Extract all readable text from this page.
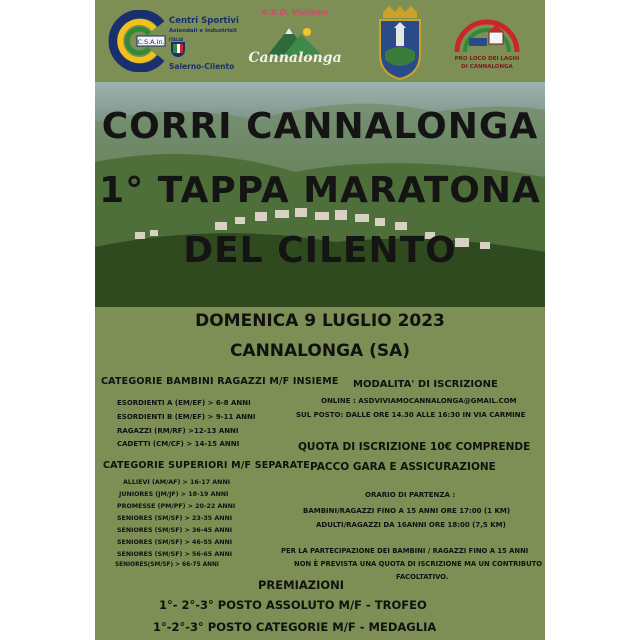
C.S.A.In.
Centri Sportivi
Aziendali e Industriali
ITALIA
Salerno-Cilento
A.S.D. ViviAmo
Cannalonga	PRO LOCO DEI LAGHI
DI CANNALONGA
CORRI CANNALONGA
1° TAPPA MARATONA
DEL CILENTO
DOMENICA 9 LUGLIO 2023
CANNALONGA (SA)
CATEGORIE BAMBINI RAGAZZI M/F INSIEME
ESORDIENTI A (EM/EF) > 6-8 ANNI
ESORDIENTI B (EM/EF) > 9-11 ANNI
RAGAZZI (RM/RF) >12-13 ANNI
CADETTI (CM/CF) > 14-15 ANNI
CATEGORIE SUPERIORI M/F SEPARATE
ALLIEVI (AM/AF) > 16-17 ANNI
JUNIORES (JM/JF) > 18-19 ANNI
PROMESSE (PM/PF) > 20-22 ANNI
SENIORES (SM/SF) > 23-35 ANNI
SENIORES (SM/SF) > 36-45 ANNI
SENIORES (SM/SF) > 46-55 ANNI
SENIORES (SM/SF) > 56-65 ANNI
SENIORES(SM/SF) > 66-75 ANNI
MODALITA' DI ISCRIZIONE
ONLINE : ASDVIVIAMOCANNALONGA@GMAIL.COM
SUL POSTO: DALLE ORE 14.30 ALLE 16:30 IN VIA CARMINE
QUOTA DI ISCRIZIONE 10€ COMPRENDE
PACCO GARA E ASSICURAZIONE
ORARIO DI PARTENZA :
BAMBINI/RAGAZZI FINO A 15 ANNI ORE 17:00 (1 KM)
ADULTI/RAGAZZI DA 16ANNI ORE 18:00 (7,5 KM)
PER LA PARTECIPAZIONE DEI BAMBINI / RAGAZZI FINO A 15 ANNI
NON È PREVISTA UNA QUOTA DI ISCRIZIONE MA UN CONTRIBUTO
FACOLTATIVO.
PREMIAZIONI
1°- 2°-3° POSTO ASSOLUTO M/F - TROFEO
1°-2°-3° POSTO CATEGORIE M/F - MEDAGLIA
